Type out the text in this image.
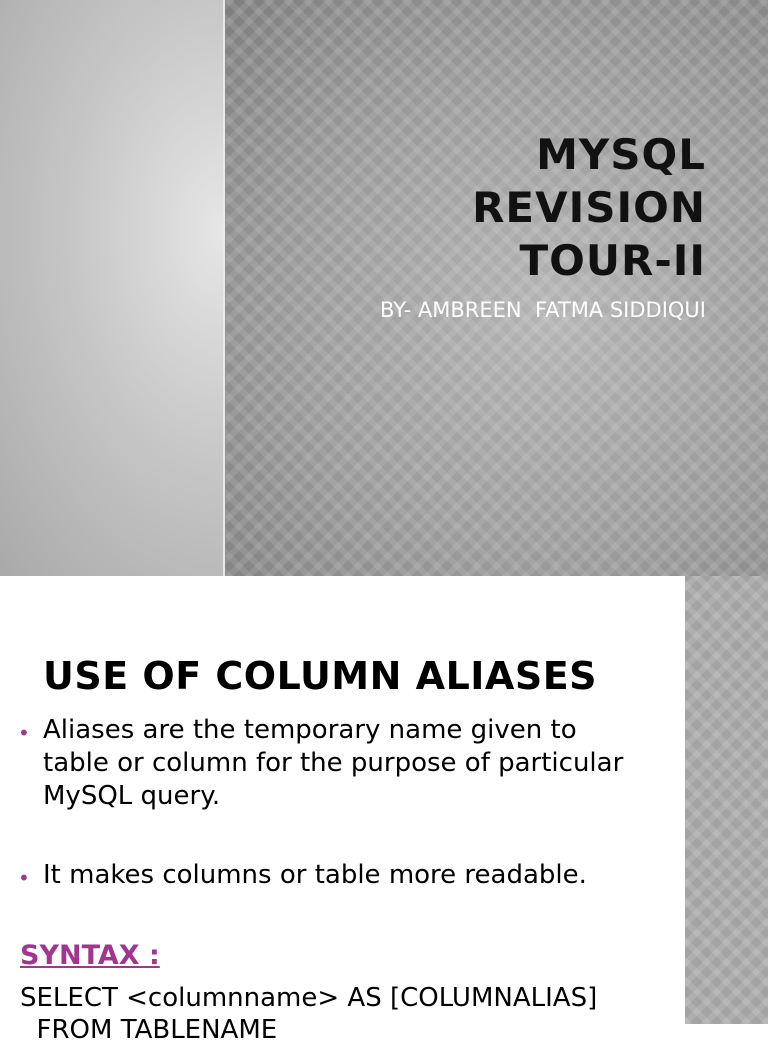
MYSQL
REVISION
TOUR-II
BY- AMBREEN  FATMA SIDDIQUI
USE OF COLUMN ALIASES
• Aliases are the temporary name given to table or column for the purpose of particular MySQL query.
• It makes columns or table more readable.
SYNTAX :
SELECT <columnname> AS [COLUMNALIAS]
FROM TABLENAME
